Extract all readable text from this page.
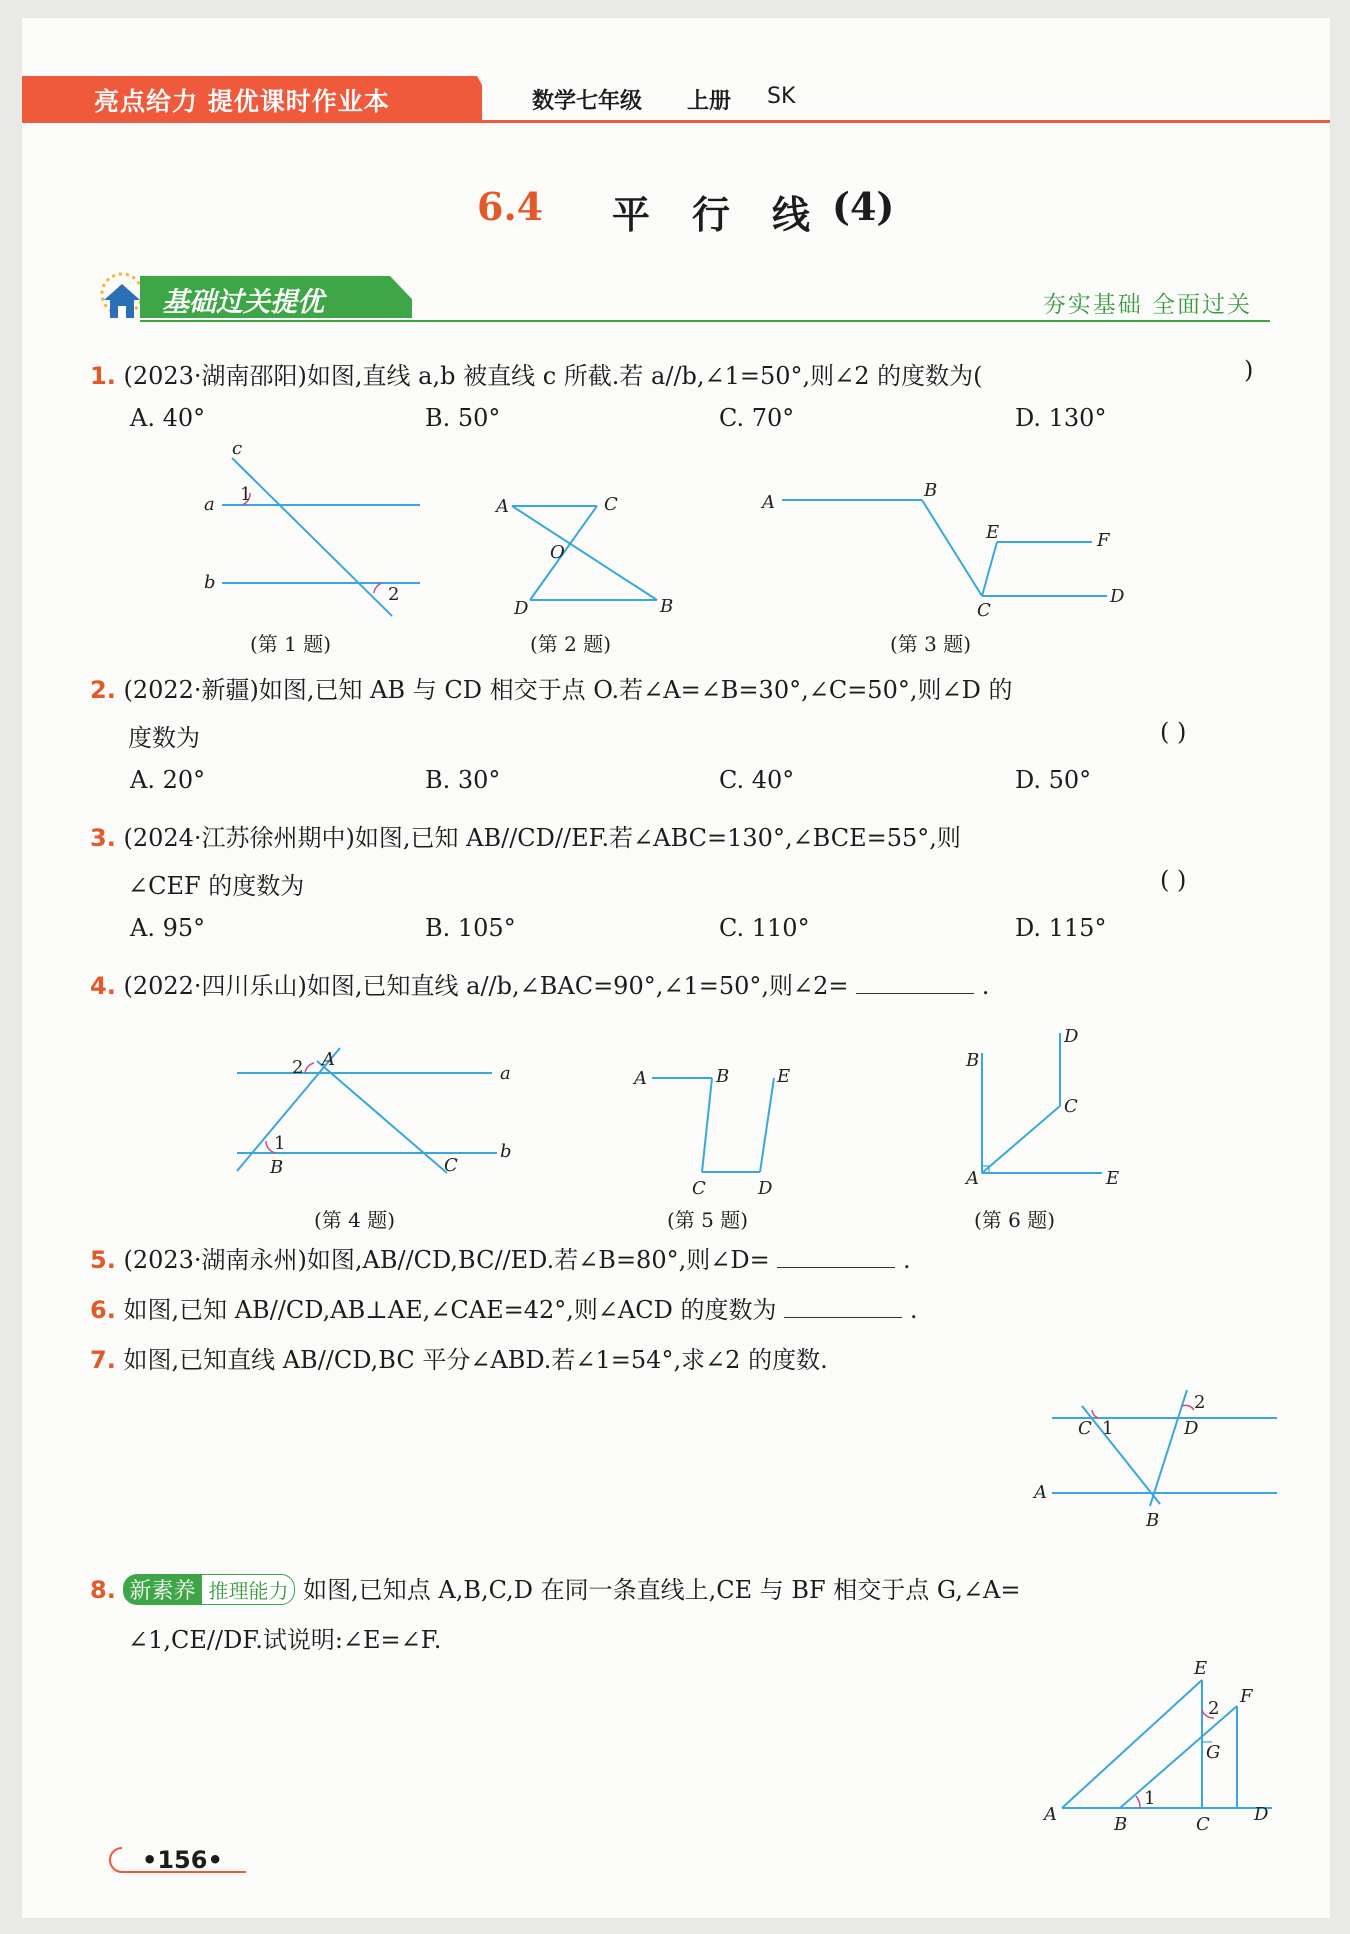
亮点给力 提优课时作业本	数学七年级 上册 SK
6.4 平行线
(4)
基础过关提优	夯实基础 全面过关
1. (2023·湖南邵阳)如图,直线 a,b 被直线 c 所截.若 a//b,∠1=50°,则∠2 的度数为(	)
A. 40°	B. 50°	C. 70°	D. 130°
c
a
b
1
2
(第 1 题)
A	C
O
D	B
(第 2 题)
A
B
E	F
C
D
(第 3 题)
2. (2022·新疆)如图,已知 AB 与 CD 相交于点 O.若∠A=∠B=30°,∠C=50°,则∠D 的
度数为	( )
A. 20°	B. 30°	C. 40°	D. 50°
3. (2024·江苏徐州期中)如图,已知 AB//CD//EF.若∠ABC=130°,∠BCE=55°,则
∠CEF 的度数为	( )
A. 95°	B. 105°	C. 110°	D. 115°
4. (2022·四川乐山)如图,已知直线 a//b,∠BAC=90°,∠1=50°,则∠2=	.
2 A
a
1
B	C
b
(第 4 题)
A	B	E
C	D
(第 5 题)
B
D
C
A	E
(第 6 题)
5. (2023·湖南永州)如图,AB//CD,BC//ED.若∠B=80°,则∠D=	.
6. 如图,已知 AB//CD,AB⊥AE,∠CAE=42°,则∠ACD 的度数为	.
7. 如图,已知直线 AB//CD,BC 平分∠ABD.若∠1=54°,求∠2 的度数.
C 1
2
D
A
B
8. 新素养 推理能力 如图,已知点 A,B,C,D 在同一条直线上,CE 与 BF 相交于点 G,∠A=
∠1,CE//DF.试说明:∠E=∠F.
E
2
F
G
1
A	B	C D
•156•
